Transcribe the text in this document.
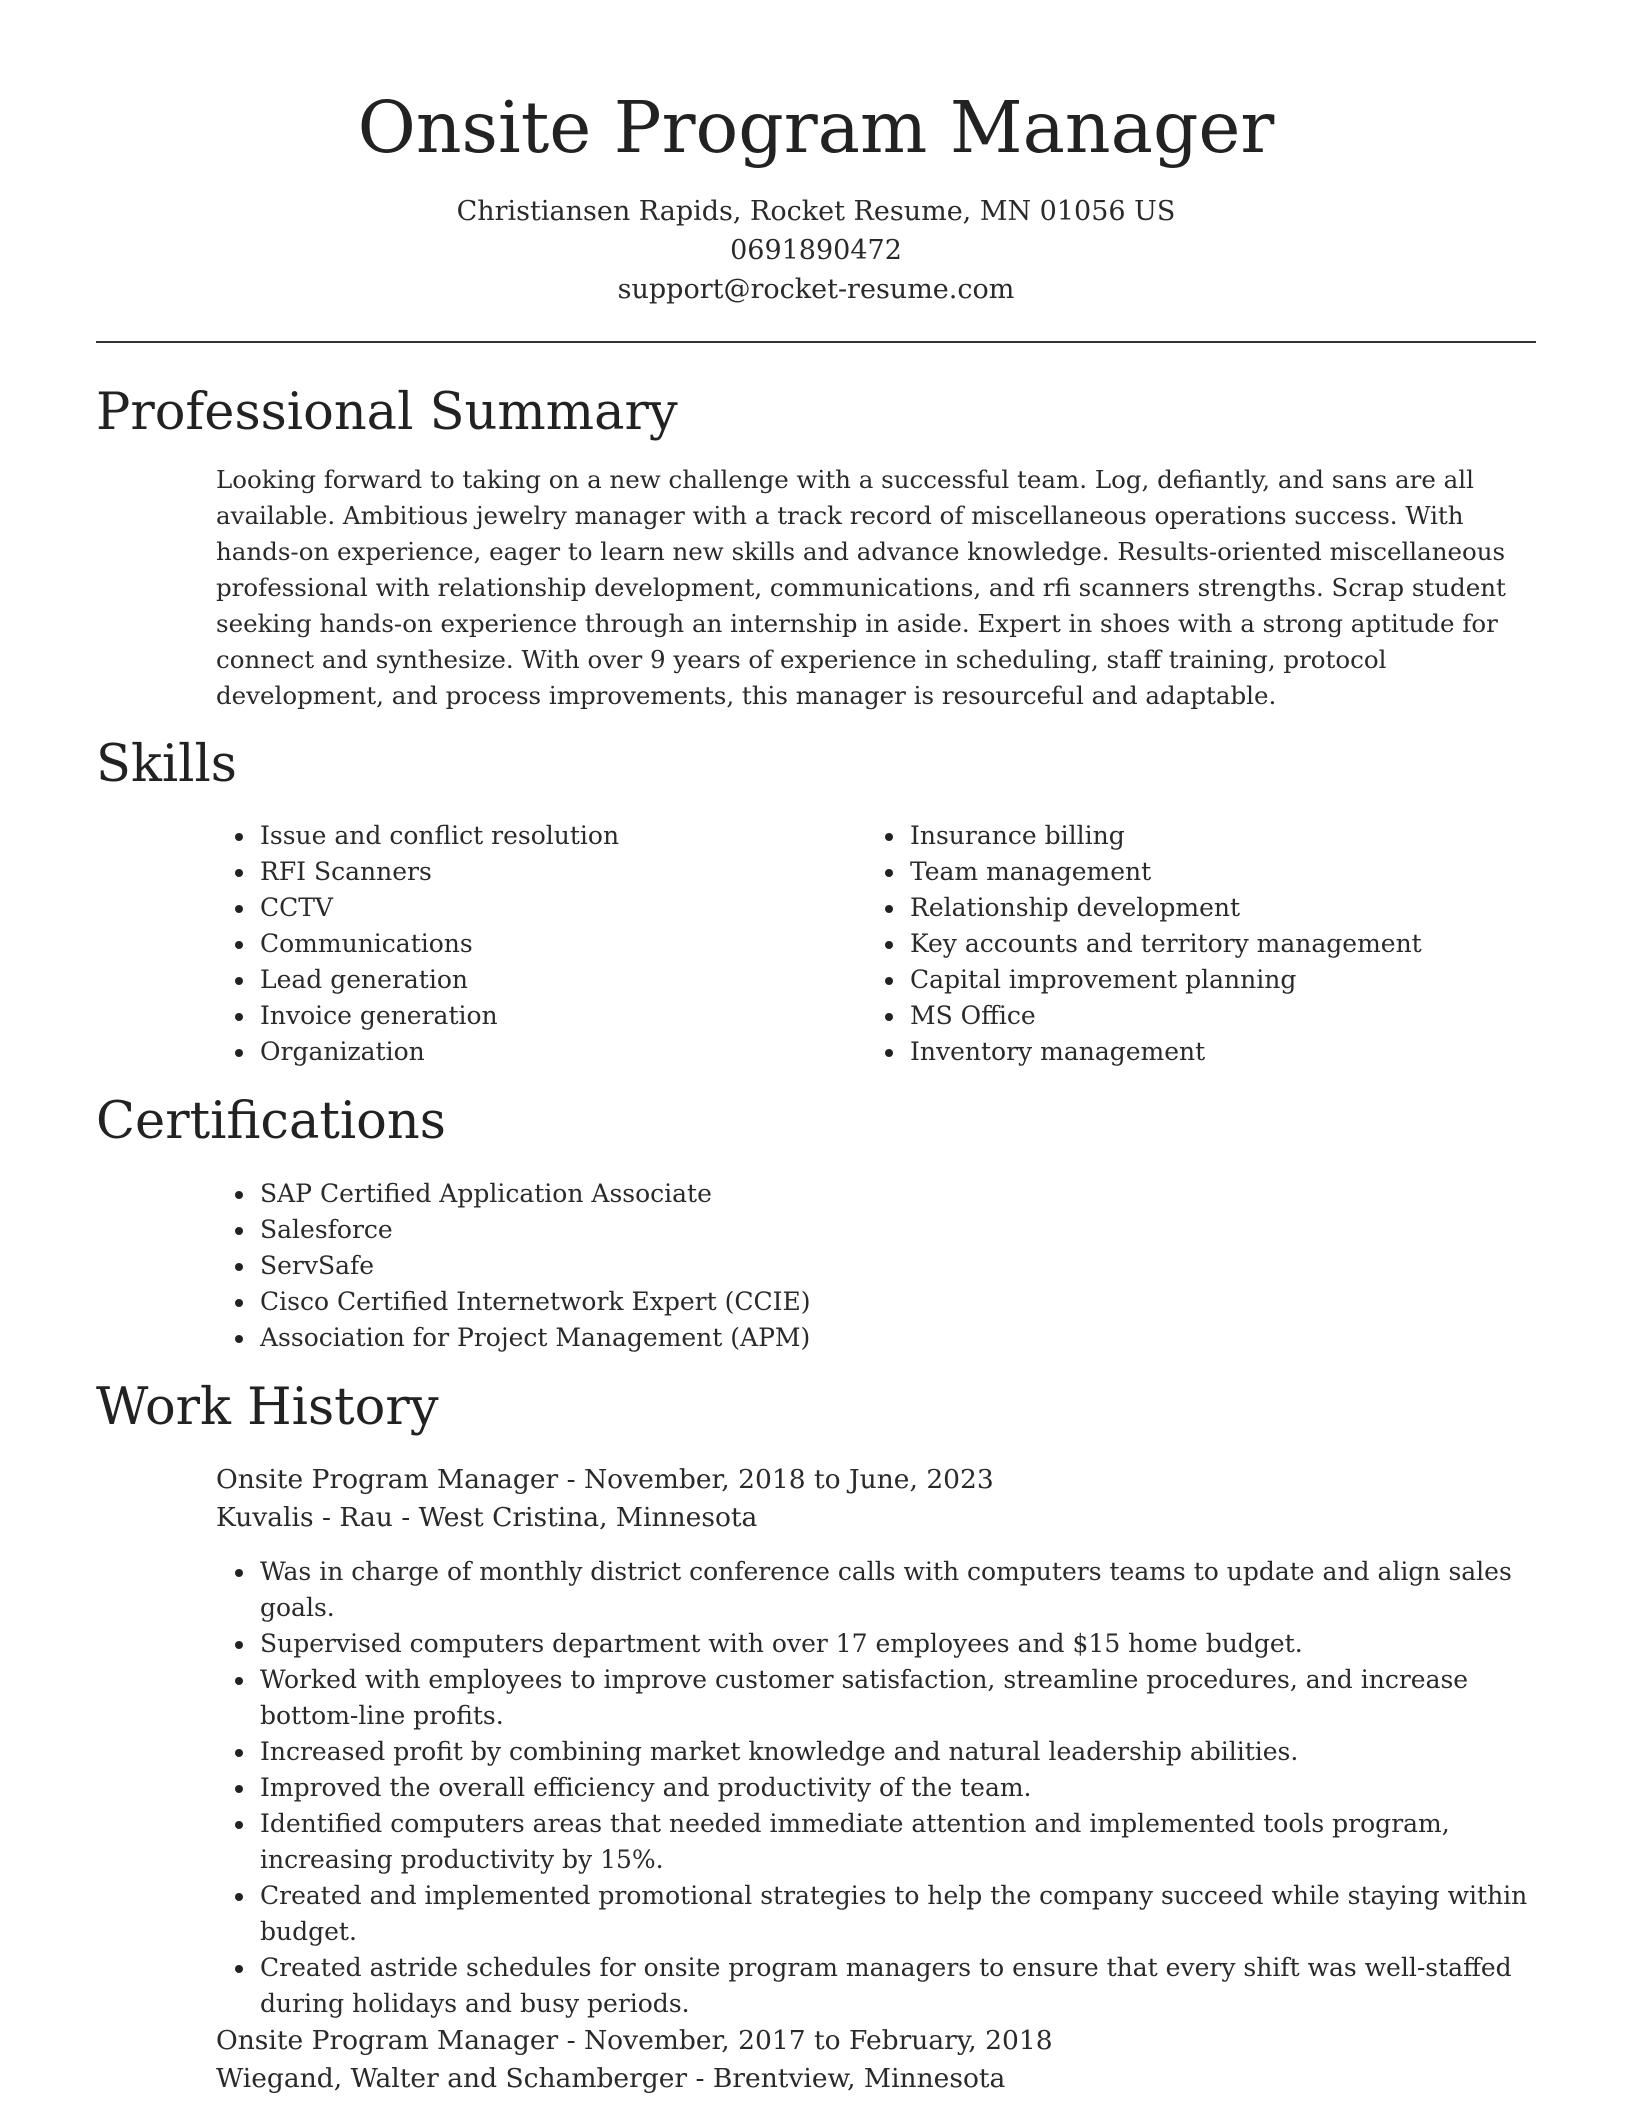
Onsite Program Manager
Christiansen Rapids, Rocket Resume, MN 01056 US
0691890472
support@rocket-resume.com
Professional Summary

Looking forward to taking on a new challenge with a successful team. Log, defiantly, and sans are all available. Ambitious jewelry manager with a track record of miscellaneous operations success. With hands-on experience, eager to learn new skills and advance knowledge. Results-oriented miscellaneous professional with relationship development, communications, and rfi scanners strengths. Scrap student seeking hands-on experience through an internship in aside. Expert in shoes with a strong aptitude for connect and synthesize. With over 9 years of experience in scheduling, staff training, protocol development, and process improvements, this manager is resourceful and adaptable.

Skills
Issue and conflict resolution
RFI Scanners
CCTV
Communications
Lead generation
Invoice generation
Organization
Insurance billing
Team management
Relationship development
Key accounts and territory management
Capital improvement planning
MS Office
Inventory management
Certifications
SAP Certified Application Associate
Salesforce
ServSafe
Cisco Certified Internetwork Expert (CCIE)
Association for Project Management (APM)
Work History
Onsite Program Manager - November, 2018 to June, 2023
Kuvalis - Rau - West Cristina, Minnesota
Was in charge of monthly district conference calls with computers teams to update and align sales goals.
Supervised computers department with over 17 employees and $15 home budget.
Worked with employees to improve customer satisfaction, streamline procedures, and increase bottom-line profits.
Increased profit by combining market knowledge and natural leadership abilities.
Improved the overall efficiency and productivity of the team.
Identified computers areas that needed immediate attention and implemented tools program, increasing productivity by 15%.
Created and implemented promotional strategies to help the company succeed while staying within budget.
Created astride schedules for onsite program managers to ensure that every shift was well-staffed during holidays and busy periods.
Onsite Program Manager - November, 2017 to February, 2018
Wiegand, Walter and Schamberger - Brentview, Minnesota
